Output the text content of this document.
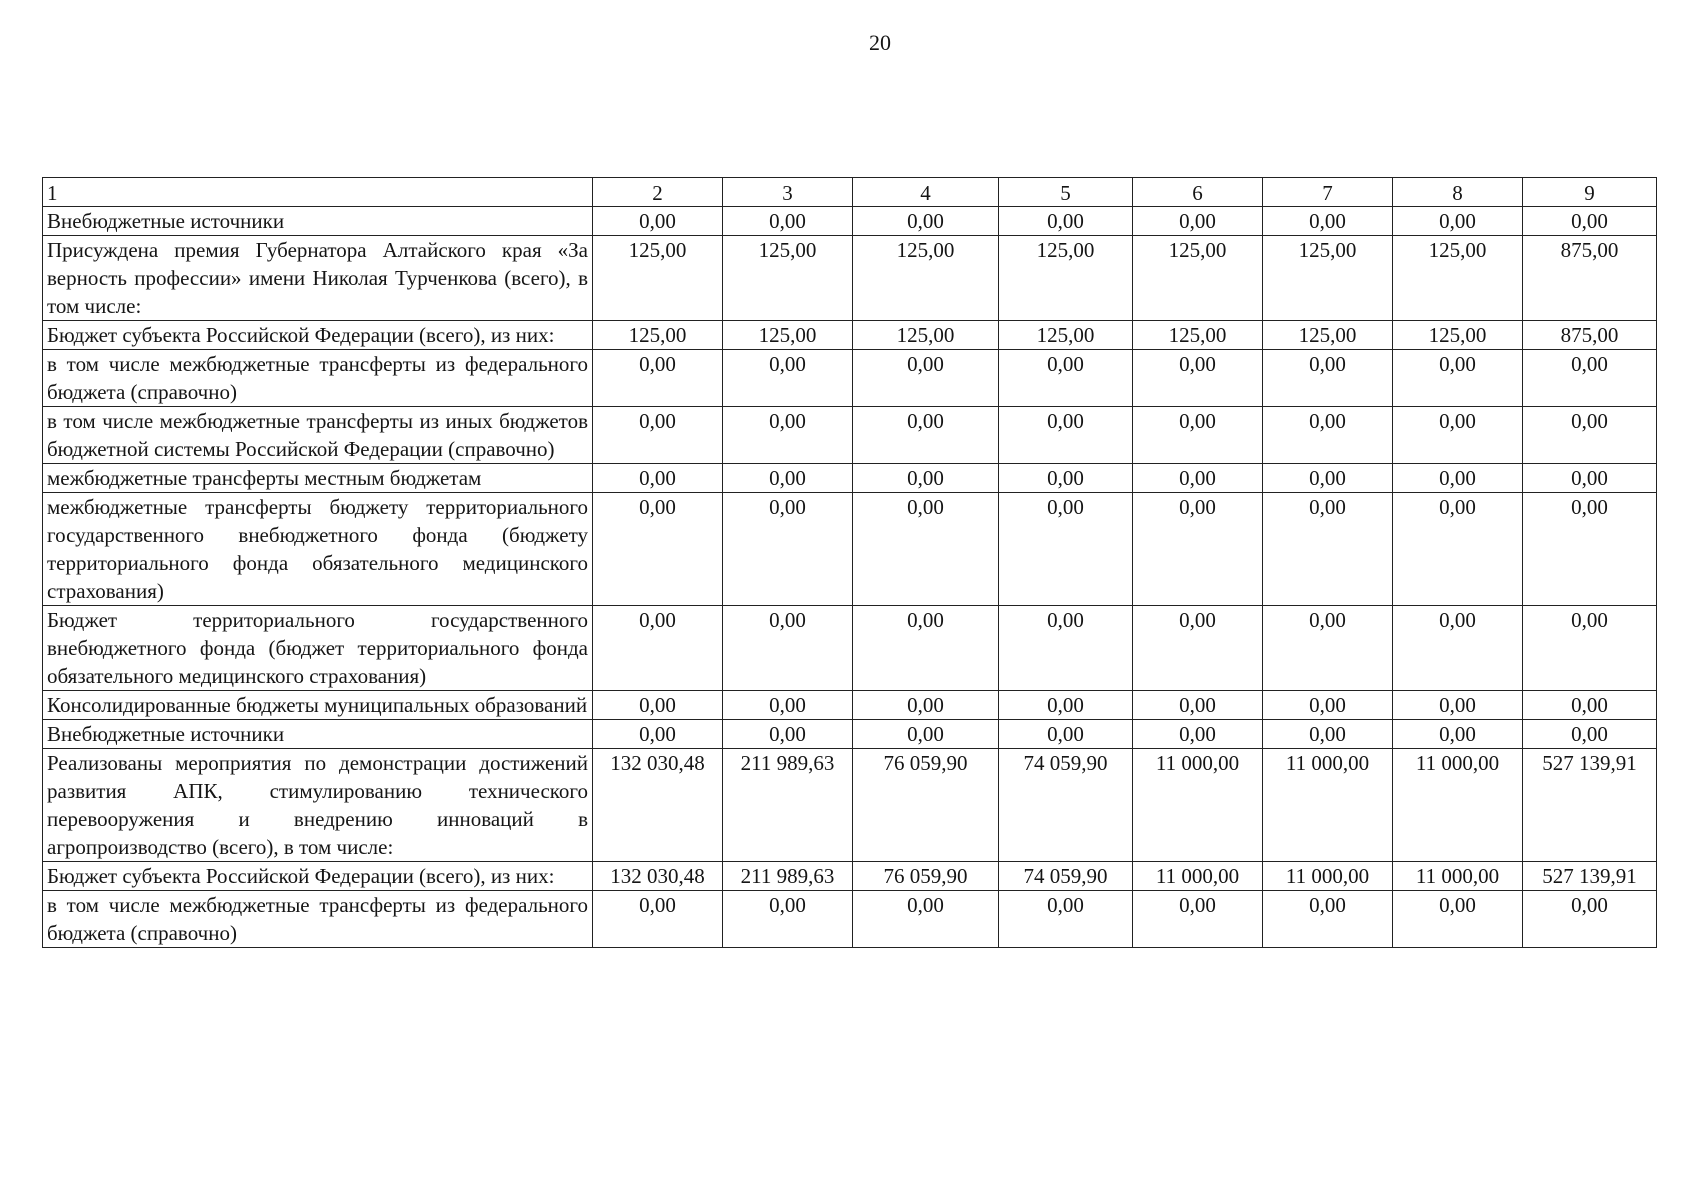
20
1	2	3	4	5	6	7	8	9
Внебюджетные источники	0,00	0,00	0,00	0,00	0,00	0,00	0,00	0,00
Присуждена премия Губернатора Алтайского края «За верность профессии» имени Николая Турченкова (всего), в том числе:	125,00	125,00	125,00	125,00	125,00	125,00	125,00	875,00
Бюджет субъекта Российской Федерации (всего), из них:	125,00	125,00	125,00	125,00	125,00	125,00	125,00	875,00
в том числе межбюджетные трансферты из федерального бюджета (справочно)	0,00	0,00	0,00	0,00	0,00	0,00	0,00	0,00
в том числе межбюджетные трансферты из иных бюджетов бюджетной системы Российской Федерации (справочно)	0,00	0,00	0,00	0,00	0,00	0,00	0,00	0,00
межбюджетные трансферты местным бюджетам	0,00	0,00	0,00	0,00	0,00	0,00	0,00	0,00
межбюджетные трансферты бюджету территориального государственного внебюджетного фонда (бюджету территориального фонда обязательного медицинского страхования)	0,00	0,00	0,00	0,00	0,00	0,00	0,00	0,00
Бюджет территориального государственного внебюджетного фонда (бюджет территориального фонда обязательного медицинского страхования)	0,00	0,00	0,00	0,00	0,00	0,00	0,00	0,00
Консолидированные бюджеты муниципальных образований	0,00	0,00	0,00	0,00	0,00	0,00	0,00	0,00
Внебюджетные источники	0,00	0,00	0,00	0,00	0,00	0,00	0,00	0,00
Реализованы мероприятия по демонстрации достижений развития АПК, стимулированию технического перевооружения и внедрению инноваций в агропроизводство (всего), в том числе:	132 030,48	211 989,63	76 059,90	74 059,90	11 000,00	11 000,00	11 000,00	527 139,91
Бюджет субъекта Российской Федерации (всего), из них:	132 030,48	211 989,63	76 059,90	74 059,90	11 000,00	11 000,00	11 000,00	527 139,91
в том числе межбюджетные трансферты из федерального бюджета (справочно)	0,00	0,00	0,00	0,00	0,00	0,00	0,00	0,00
